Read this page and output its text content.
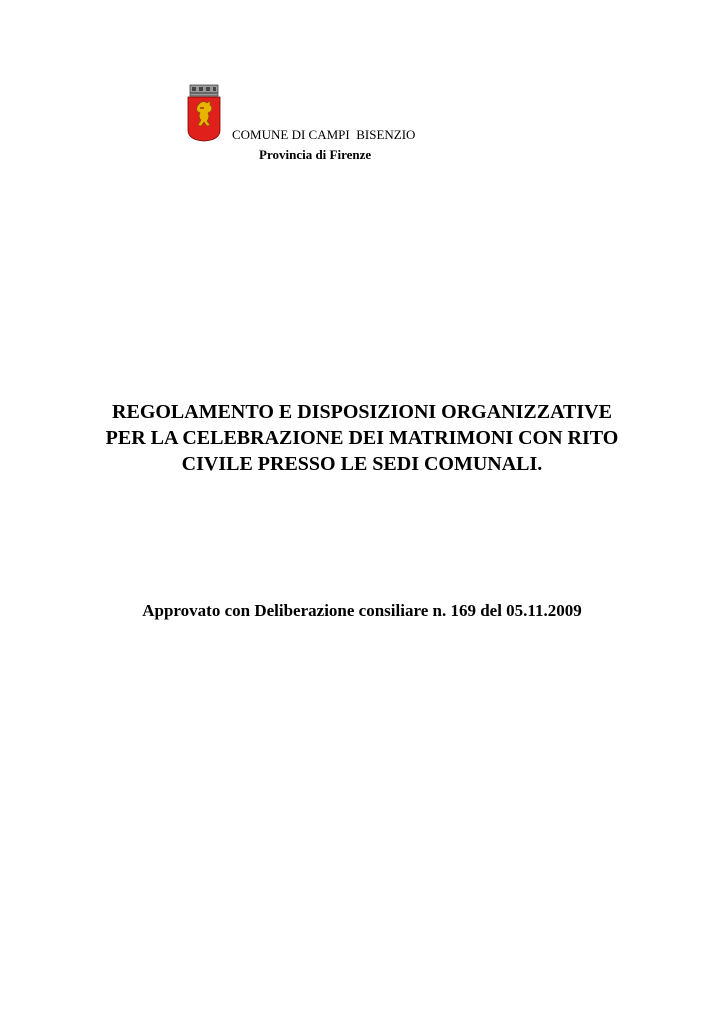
COMUNE DI CAMPI  BISENZIO
Provincia di Firenze
REGOLAMENTO E DISPOSIZIONI ORGANIZZATIVE
PER LA CELEBRAZIONE DEI MATRIMONI CON RITO
CIVILE PRESSO LE SEDI COMUNALI.
Approvato con Deliberazione consiliare n. 169 del 05.11.2009
